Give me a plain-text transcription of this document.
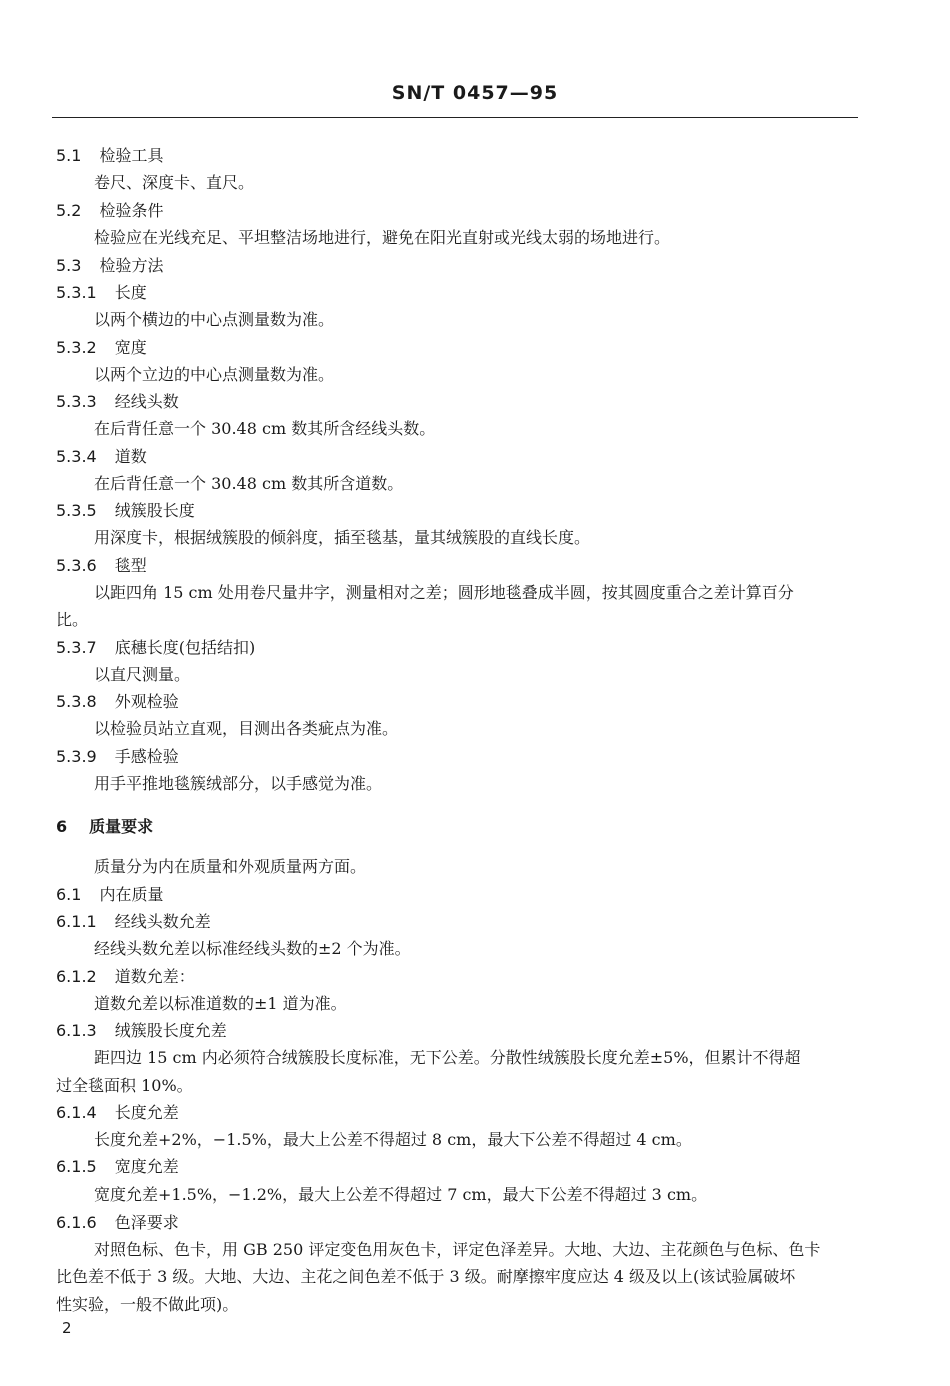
SN/T 0457—95
5.1 检验工具
卷尺、深度卡、直尺。
5.2 检验条件
检验应在光线充足、平坦整洁场地进行，避免在阳光直射或光线太弱的场地进行。
5.3 检验方法
5.3.1 长度
以两个横边的中心点测量数为准。
5.3.2 宽度
以两个立边的中心点测量数为准。
5.3.3 经线头数
在后背任意一个 30.48 cm 数其所含经线头数。
5.3.4 道数
在后背任意一个 30.48 cm 数其所含道数。
5.3.5 绒簇股长度
用深度卡，根据绒簇股的倾斜度，插至毯基，量其绒簇股的直线长度。
5.3.6 毯型
以距四角 15 cm 处用卷尺量井字，测量相对之差；圆形地毯叠成半圆，按其圆度重合之差计算百分
比。
5.3.7 底穗长度(包括结扣)
以直尺测量。
5.3.8 外观检验
以检验员站立直观，目测出各类疵点为准。
5.3.9 手感检验
用手平推地毯簇绒部分，以手感觉为准。
6 质量要求
质量分为内在质量和外观质量两方面。
6.1 内在质量
6.1.1 经线头数允差
经线头数允差以标准经线头数的±2 个为准。
6.1.2 道数允差：
道数允差以标准道数的±1 道为准。
6.1.3 绒簇股长度允差
距四边 15 cm 内必须符合绒簇股长度标准，无下公差。分散性绒簇股长度允差±5%，但累计不得超
过全毯面积 10%。
6.1.4 长度允差
长度允差+2%，−1.5%，最大上公差不得超过 8 cm，最大下公差不得超过 4 cm。
6.1.5 宽度允差
宽度允差+1.5%，−1.2%，最大上公差不得超过 7 cm，最大下公差不得超过 3 cm。
6.1.6 色泽要求
对照色标、色卡，用 GB 250 评定变色用灰色卡，评定色泽差异。大地、大边、主花颜色与色标、色卡
比色差不低于 3 级。大地、大边、主花之间色差不低于 3 级。耐摩擦牢度应达 4 级及以上(该试验属破坏
性实验，一般不做此项)。
2
